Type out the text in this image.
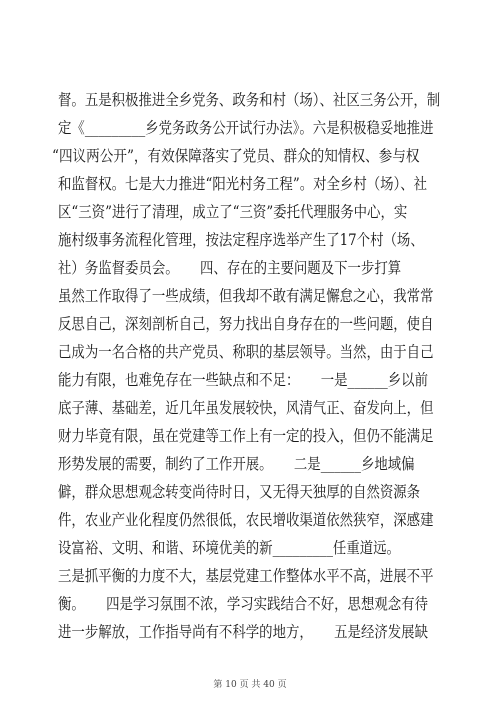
督。五是积极推进全乡党务、政务和村（场）、社区三务公开，制
定《_________乡党务政务公开试行办法》。六是积极稳妥地推进
“四议两公开”，有效保障落实了党员、群众的知情权、参与权
和监督权。七是大力推进“阳光村务工程”。对全乡村（场）、社
区“三资”进行了清理，成立了“三资”委托代理服务中心，实
施村级事务流程化管理，按法定程序选举产生了17个村（场、
社）务监督委员会。     四、存在的主要问题及下一步打算
虽然工作取得了一些成绩，但我却不敢有满足懈怠之心，我常常
反思自己，深刻剖析自己，努力找出自身存在的一些问题，使自
己成为一名合格的共产党员、称职的基层领导。当然，由于自己
能力有限，也难免存在一些缺点和不足：     一是______乡以前
底子薄、基础差，近几年虽发展较快，风清气正、奋发向上，但
财力毕竟有限，虽在党建等工作上有一定的投入，但仍不能满足
形势发展的需要，制约了工作开展。     二是______乡地域偏
僻，群众思想观念转变尚待时日，又无得天独厚的自然资源条
件，农业产业化程度仍然很低，农民增收渠道依然狭窄，深感建
设富裕、文明、和谐、环境优美的新_________任重道远。
三是抓平衡的力度不大，基层党建工作整体水平不高，进展不平
衡。     四是学习氛围不浓，学习实践结合不好，思想观念有待
进一步解放，工作指导尚有不科学的地方，     五是经济发展缺
第 10 页 共 40 页
